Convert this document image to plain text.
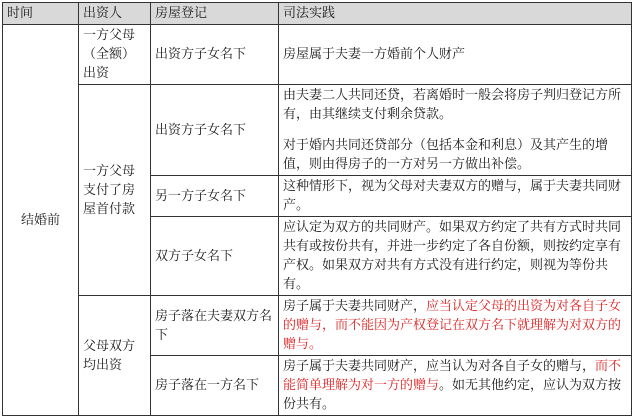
时间	出资人	房屋登记	司法实践
结婚前	一方父母（全额）出资	出资方子女名下	房屋属于夫妻一方婚前个人财产
	一方父母支付了房屋首付款	出资方子女名下	由夫妻二人共同还贷，若离婚时一般会将房子判归登记方所有，由其继续支付剩余贷款。
对于婚内共同还贷部分（包括本金和利息）及其产生的增值，则由得房子的一方对另一方做出补偿。
		另一方子女名下	这种情形下，视为父母对夫妻双方的赠与，属于夫妻共同财产。
		双方子女名下	应认定为双方的共同财产。如果双方约定了共有方式时共同共有或按份共有，并进一步约定了各自份额，则按约定享有产权。如果双方对共有方式没有进行约定，则视为等份共有。
	父母双方均出资	房子落在夫妻双方名下	房子属于夫妻共同财产，应当认定父母的出资为对各自子女的赠与，而不能因为产权登记在双方名下就理解为对双方的赠与。
		房子落在一方名下	房子属于夫妻共同财产，应当认为对各自子女的赠与，而不能简单理解为对一方的赠与。如无其他约定，应认为双方按份共有。
